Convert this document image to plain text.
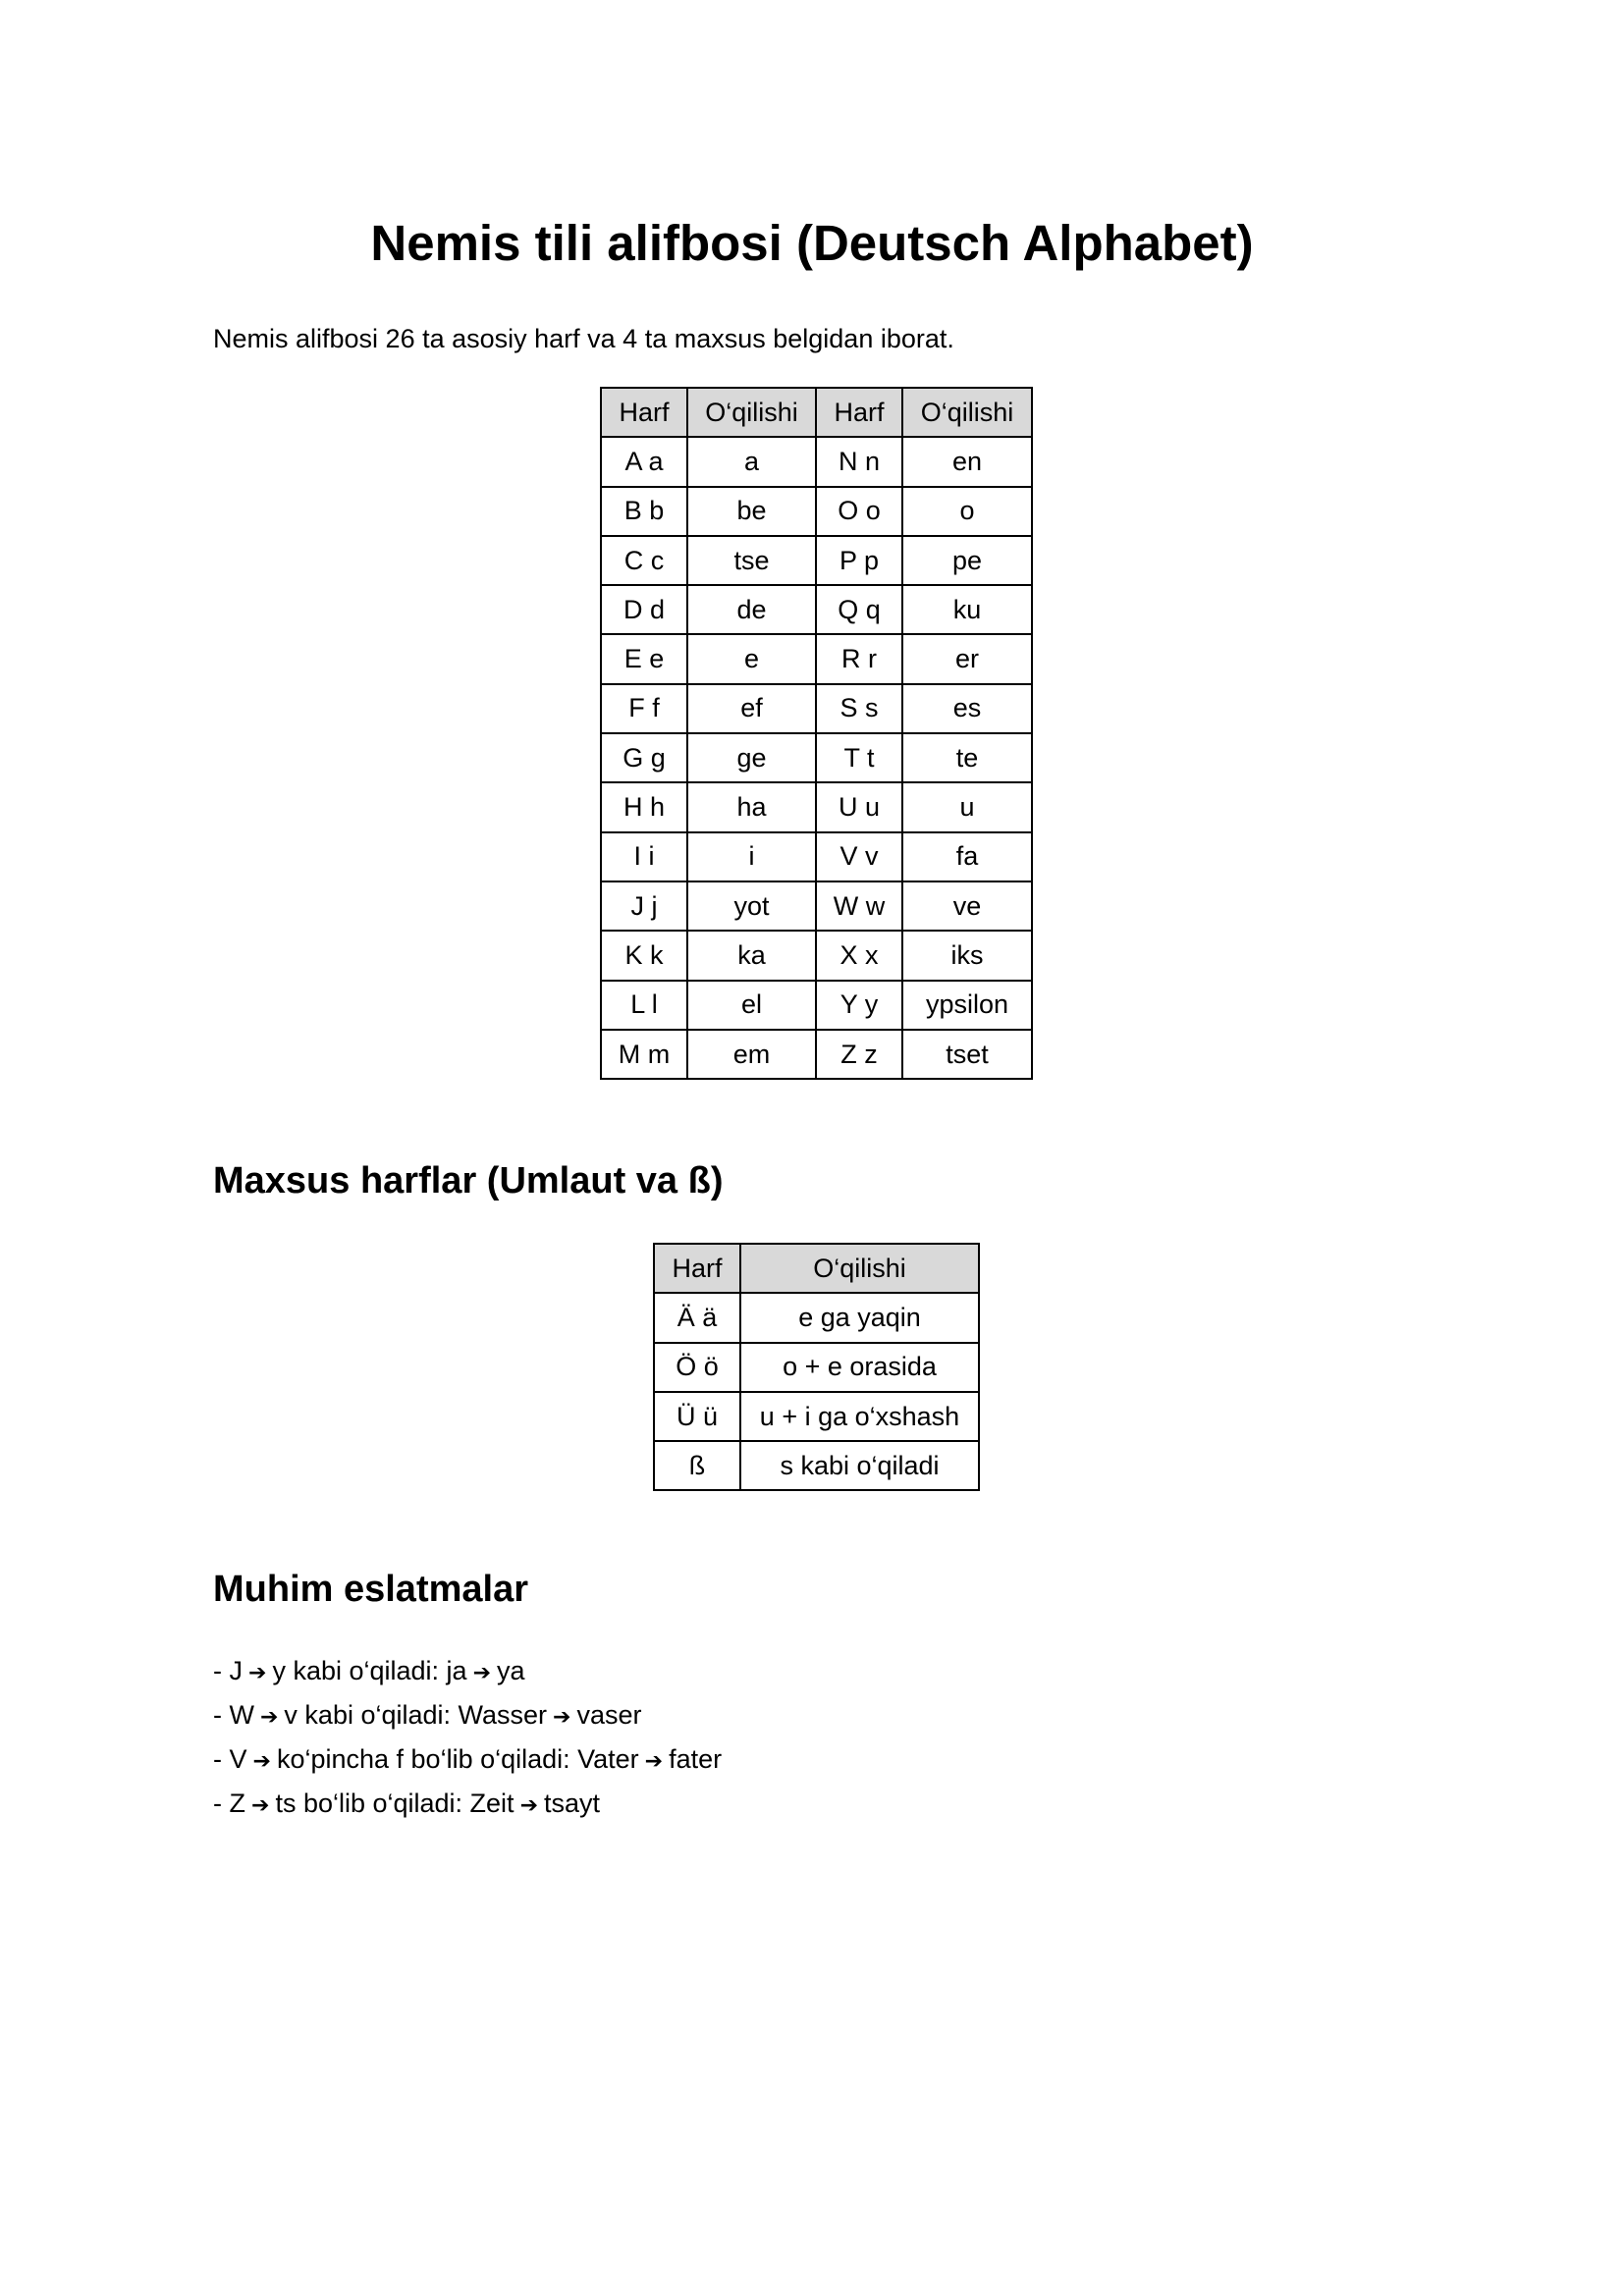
Nemis tili alifbosi (Deutsch Alphabet)

Nemis alifbosi 26 ta asosiy harf va 4 ta maxsus belgidan iborat.

Harf	O‘qilishi	Harf	O‘qilishi
A a	a	N n	en
B b	be	O o	o
C c	tse	P p	pe
D d	de	Q q	ku
E e	e	R r	er
F f	ef	S s	es
G g	ge	T t	te
H h	ha	U u	u
I i	i	V v	fa
J j	yot	W w	ve
K k	ka	X x	iks
L l	el	Y y	ypsilon
M m	em	Z z	tset
Maxsus harflar (Umlaut va ß)
Harf	O‘qilishi
Ä ä	e ga yaqin
Ö ö	o + e orasida
Ü ü	u + i ga o‘xshash
ß	s kabi o‘qiladi
Muhim eslatmalar
- J ➔ y kabi o‘qiladi: ja ➔ ya
- W ➔ v kabi o‘qiladi: Wasser ➔ vaser
- V ➔ ko‘pincha f bo‘lib o‘qiladi: Vater ➔ fater
- Z ➔ ts bo‘lib o‘qiladi: Zeit ➔ tsayt
